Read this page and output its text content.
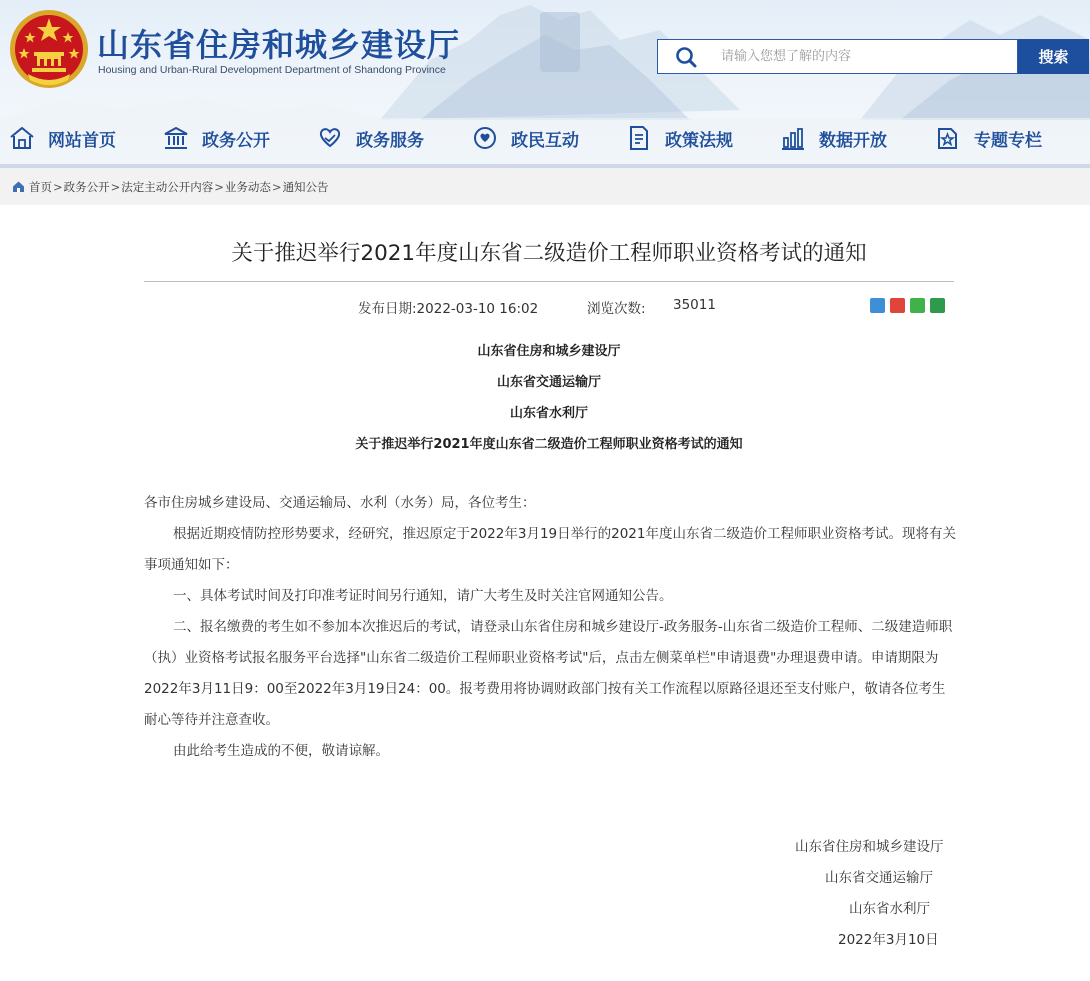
山东省住房和城乡建设厅
Housing and Urban-Rural Development Department of Shandong Province
请输入您想了解的内容
搜索
网站首页	政务公开	政务服务	政民互动	政策法规	数据开放	专题专栏
首页 > 政务公开 > 法定主动公开内容 > 业务动态 > 通知公告
关于推迟举行2021年度山东省二级造价工程师职业资格考试的通知
发布日期:2022-03-10 16:02	浏览次数: 35011
山东省住房和城乡建设厅
山东省交通运输厅
山东省水利厅
关于推迟举行2021年度山东省二级造价工程师职业资格考试的通知
各市住房城乡建设局、交通运输局、水利（水务）局，各位考生：
根据近期疫情防控形势要求，经研究，推迟原定于2022年3月19日举行的2021年度山东省二级造价工程师职业资格考试。现将有关事项通知如下：
一、具体考试时间及打印准考证时间另行通知，请广大考生及时关注官网通知公告。
二、报名缴费的考生如不参加本次推迟后的考试，请登录山东省住房和城乡建设厅-政务服务-山东省二级造价工程师、二级建造师职（执）业资格考试报名服务平台选择"山东省二级造价工程师职业资格考试"后，点击左侧菜单栏"申请退费"办理退费申请。申请期限为2022年3月11日9：00至2022年3月19日24：00。报考费用将协调财政部门按有关工作流程以原路径退还至支付账户，敬请各位考生耐心等待并注意查收。
由此给考生造成的不便，敬请谅解。
山东省住房和城乡建设厅
山东省交通运输厅
山东省水利厅
2022年3月10日
